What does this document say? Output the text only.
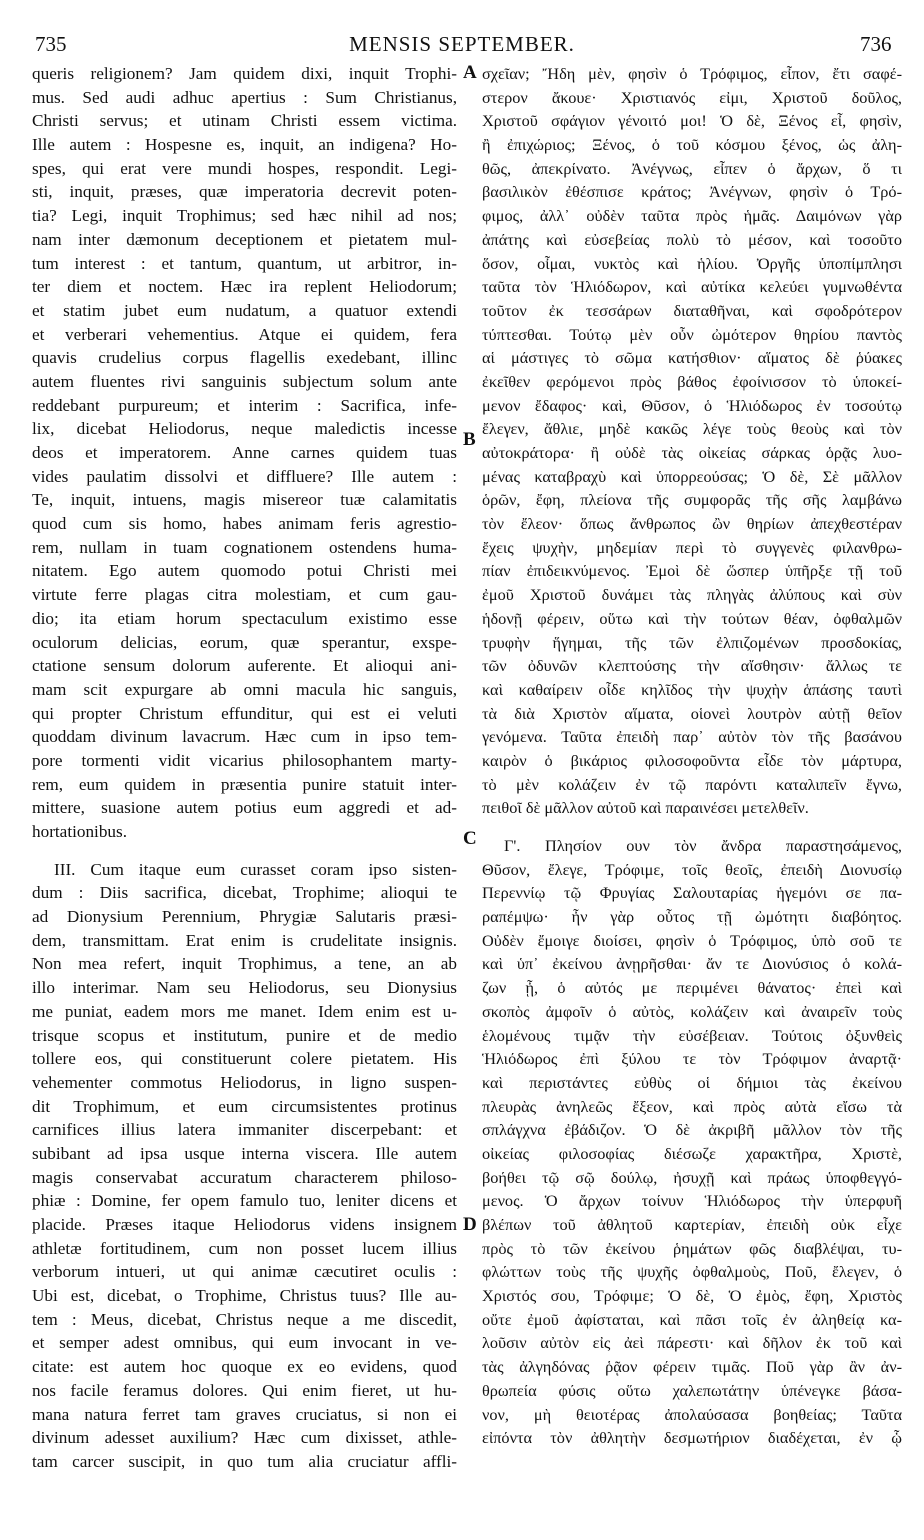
735	MENSIS SEPTEMBER.	736
queris religionem? Jam quidem dixi, inquit Trophi-
mus. Sed audi adhuc apertius : Sum Christianus,
Christi servus; et utinam Christi essem victima.
Ille autem : Hospesne es, inquit, an indigena? Ho-
spes, qui erat vere mundi hospes, respondit. Legi-
sti, inquit, præses, quæ imperatoria decrevit poten-
tia? Legi, inquit Trophimus; sed hæc nihil ad nos;
nam inter dæmonum deceptionem et pietatem mul-
tum interest : et tantum, quantum, ut arbitror, in-
ter diem et noctem. Hæc ira replent Heliodorum;
et statim jubet eum nudatum, a quatuor extendi
et verberari vehementius. Atque ei quidem, fera
quavis crudelius corpus flagellis exedebant, illinc
autem fluentes rivi sanguinis subjectum solum ante
reddebant purpureum; et interim : Sacrifica, infe-
lix, dicebat Heliodorus, neque maledictis incesse
deos et imperatorem. Anne carnes quidem tuas
vides paulatim dissolvi et diffluere? Ille autem :
Te, inquit, intuens, magis misereor tuæ calamitatis
quod cum sis homo, habes animam feris agrestio-
rem, nullam in tuam cognationem ostendens huma-
nitatem. Ego autem quomodo potui Christi mei
virtute ferre plagas citra molestiam, et cum gau-
dio; ita etiam horum spectaculum existimo esse
oculorum delicias, eorum, quæ sperantur, exspe-
ctatione sensum dolorum auferente. Et alioqui ani-
mam scit expurgare ab omni macula hic sanguis,
qui propter Christum effunditur, qui est ei veluti
quoddam divinum lavacrum. Hæc cum in ipso tem-
pore tormenti vidit vicarius philosophantem marty-
rem, eum quidem in præsentia punire statuit inter-
mittere, suasione autem potius eum aggredi et ad-
hortationibus.
III. Cum itaque eum curasset coram ipso sisten-
dum : Diis sacrifica, dicebat, Trophime; alioqui te
ad Dionysium Perennium, Phrygiæ Salutaris præsi-
dem, transmittam. Erat enim is crudelitate insignis.
Non mea refert, inquit Trophimus, a tene, an ab
illo interimar. Nam seu Heliodorus, seu Dionysius
me puniat, eadem mors me manet. Idem enim est u-
trisque scopus et institutum, punire et de medio
tollere eos, qui constituerunt colere pietatem. His
vehementer commotus Heliodorus, in ligno suspen-
dit Trophimum, et eum circumsistentes protinus
carnifices illius latera immaniter discerpebant: et
subibant ad ipsa usque interna viscera. Ille autem
magis conservabat accuratum characterem philoso-
phiæ : Domine, fer opem famulo tuo, leniter dicens et
placide. Præses itaque Heliodorus videns insignem
athletæ fortitudinem, cum non posset lucem illius
verborum intueri, ut qui animæ cæcutiret oculis :
Ubi est, dicebat, o Trophime, Christus tuus? Ille au-
tem : Meus, dicebat, Christus neque a me discedit,
et semper adest omnibus, qui eum invocant in ve-
citate: est autem hoc quoque ex eo evidens, quod
nos facile feramus dolores. Qui enim fieret, ut hu-
mana natura ferret tam graves cruciatus, si non ei
divinum adesset auxilium? Hæc cum dixisset, athle-
tam carcer suscipit, in quo tum alia cruciatur affli-
σχεῖαν; Ἤδη μὲν, φησὶν ὁ Τρόφιμος, εἶπον, ἔτι σαφέ-
στερον ἄκουε· Χριστιανός εἰμι, Χριστοῦ δοῦλος,
Χριστοῦ σφάγιον γένοιτό μοι! Ὁ δὲ, Ξένος εἶ, φησὶν,
ἢ ἐπιχώριος; Ξένος, ὁ τοῦ κόσμου ξένος, ὡς ἀλη-
θῶς, ἀπεκρίνατο. Ἀνέγνως, εἶπεν ὁ ἄρχων, ὅ τι
βασιλικὸν ἐθέσπισε κράτος; Ἀνέγνων, φησὶν ὁ Τρό-
φιμος, ἀλλ᾽ οὐδὲν ταῦτα πρὸς ἡμᾶς. Δαιμόνων γὰρ
ἀπάτης καὶ εὐσεβείας πολὺ τὸ μέσον, καὶ τοσοῦτο
ὅσον, οἶμαι, νυκτὸς καὶ ἡλίου. Ὀργῆς ὑποπίμπλησι
ταῦτα τὸν Ἡλιόδωρον, καὶ αὐτίκα κελεύει γυμνωθέντα
τοῦτον ἐκ τεσσάρων διαταθῆναι, καὶ σφοδρότερον
τύπτεσθαι. Τούτῳ μὲν οὖν ὠμότερον θηρίου παντὸς
αἱ μάστιγες τὸ σῶμα κατήσθιον· αἵματος δὲ ῥύακες
ἐκεῖθεν φερόμενοι πρὸς βάθος ἐφοίνισσον τὸ ὑποκεί-
μενον ἔδαφος· καὶ, Θῦσον, ὁ Ἡλιόδωρος ἐν τοσούτῳ
ἔλεγεν, ἄθλιε, μηδὲ κακῶς λέγε τοὺς θεοὺς καὶ τὸν
αὐτοκράτορα· ἢ οὐδὲ τὰς οἰκείας σάρκας ὁρᾷς λυο-
μένας καταβραχὺ καὶ ὑπορρεούσας; Ὁ δὲ, Σὲ μᾶλλον
ὁρῶν, ἔφη, πλείονα τῆς συμφορᾶς τῆς σῆς λαμβάνω
τὸν ἔλεον· ὅπως ἄνθρωπος ὢν θηρίων ἀπεχθεστέραν
ἔχεις ψυχὴν, μηδεμίαν περὶ τὸ συγγενὲς φιλανθρω-
πίαν ἐπιδεικνύμενος. Ἐμοὶ δὲ ὥσπερ ὑπῆρξε τῇ τοῦ
ἐμοῦ Χριστοῦ δυνάμει τὰς πληγὰς ἀλύπους καὶ σὺν
ἡδονῇ φέρειν, οὕτω καὶ τὴν τούτων θέαν, ὀφθαλμῶν
τρυφὴν ἥγημαι, τῆς τῶν ἐλπιζομένων προσδοκίας,
τῶν ὀδυνῶν κλεπτούσης τὴν αἴσθησιν· ἄλλως τε
καὶ καθαίρειν οἶδε κηλῖδος τὴν ψυχὴν ἁπάσης ταυτὶ
τὰ διὰ Χριστὸν αἵματα, οἱονεὶ λουτρὸν αὐτῇ θεῖον
γενόμενα. Ταῦτα ἐπειδὴ παρ᾽ αὐτὸν τὸν τῆς βασάνου
καιρὸν ὁ βικάριος φιλοσοφοῦντα εἶδε τὸν μάρτυρα,
τὸ μὲν κολάζειν ἐν τῷ παρόντι καταλιπεῖν ἔγνω,
πειθοῖ δὲ μᾶλλον αὐτοῦ καὶ παραινέσει μετελθεῖν.
Γ'. Πλησίον ουν τὸν ἄνδρα παραστησάμενος,
Θῦσον, ἔλεγε, Τρόφιμε, τοῖς θεοῖς, ἐπειδὴ Διονυσίῳ
Περεννίῳ τῷ Φρυγίας Σαλουταρίας ἡγεμόνι σε πα-
ραπέμψω· ἦν γὰρ οὗτος τῇ ὠμότητι διαβόητος.
Οὐδὲν ἔμοιγε διοίσει, φησὶν ὁ Τρόφιμος, ὑπὸ σοῦ τε
καὶ ὑπ᾽ ἐκείνου ἀνῃρῆσθαι· ἄν τε Διονύσιος ὁ κολά-
ζων ᾖ, ὁ αὐτός με περιμένει θάνατος· ἐπεὶ καὶ
σκοπὸς ἀμφοῖν ὁ αὐτὸς, κολάζειν καὶ ἀναιρεῖν τοὺς
ἑλομένους τιμᾷν τὴν εὐσέβειαν. Τούτοις ὀξυνθεὶς
Ἡλιόδωρος ἐπὶ ξύλου τε τὸν Τρόφιμον ἀναρτᾷ·
καὶ περιστάντες εὐθὺς οἱ δήμιοι τὰς ἐκείνου
πλευρὰς ἀνηλεῶς ἔξεον, καὶ πρὸς αὐτὰ εἴσω τὰ
σπλάγχνα ἐβάδιζον. Ὁ δὲ ἀκριβῆ μᾶλλον τὸν τῆς
οἰκείας φιλοσοφίας διέσωζε χαρακτῆρα, Χριστὲ,
βοήθει τῷ σῷ δούλῳ, ἠσυχῇ καὶ πράως ὑποφθεγγό-
μενος. Ὁ ἄρχων τοίνυν Ἡλιόδωρος τὴν ὑπερφυῆ
βλέπων τοῦ ἀθλητοῦ καρτερίαν, ἐπειδὴ οὐκ εἶχε
πρὸς τὸ τῶν ἐκείνου ῥημάτων φῶς διαβλέψαι, τυ-
φλώττων τοὺς τῆς ψυχῆς ὀφθαλμοὺς, Ποῦ, ἔλεγεν, ὁ
Χριστός σου, Τρόφιμε; Ὁ δὲ, Ὁ ἐμὸς, ἔφη, Χριστὸς
οὔτε ἐμοῦ ἀφίσταται, καὶ πᾶσι τοῖς ἐν ἀληθείᾳ κα-
λοῦσιν αὐτὸν εἰς ἀεὶ πάρεστι· καὶ δῆλον ἐκ τοῦ καὶ
τὰς ἀλγηδόνας ῥᾷον φέρειν τιμᾶς. Ποῦ γὰρ ἂν ἀν-
θρωπεία φύσις οὕτω χαλεπωτάτην ὑπένεγκε βάσα-
νον, μὴ θειοτέρας ἀπολαύσασα βοηθείας; Ταῦτα
εἰπόντα τὸν ἀθλητὴν δεσμωτήριον διαδέχεται, ἐν ᾧ
A
B
C
D
